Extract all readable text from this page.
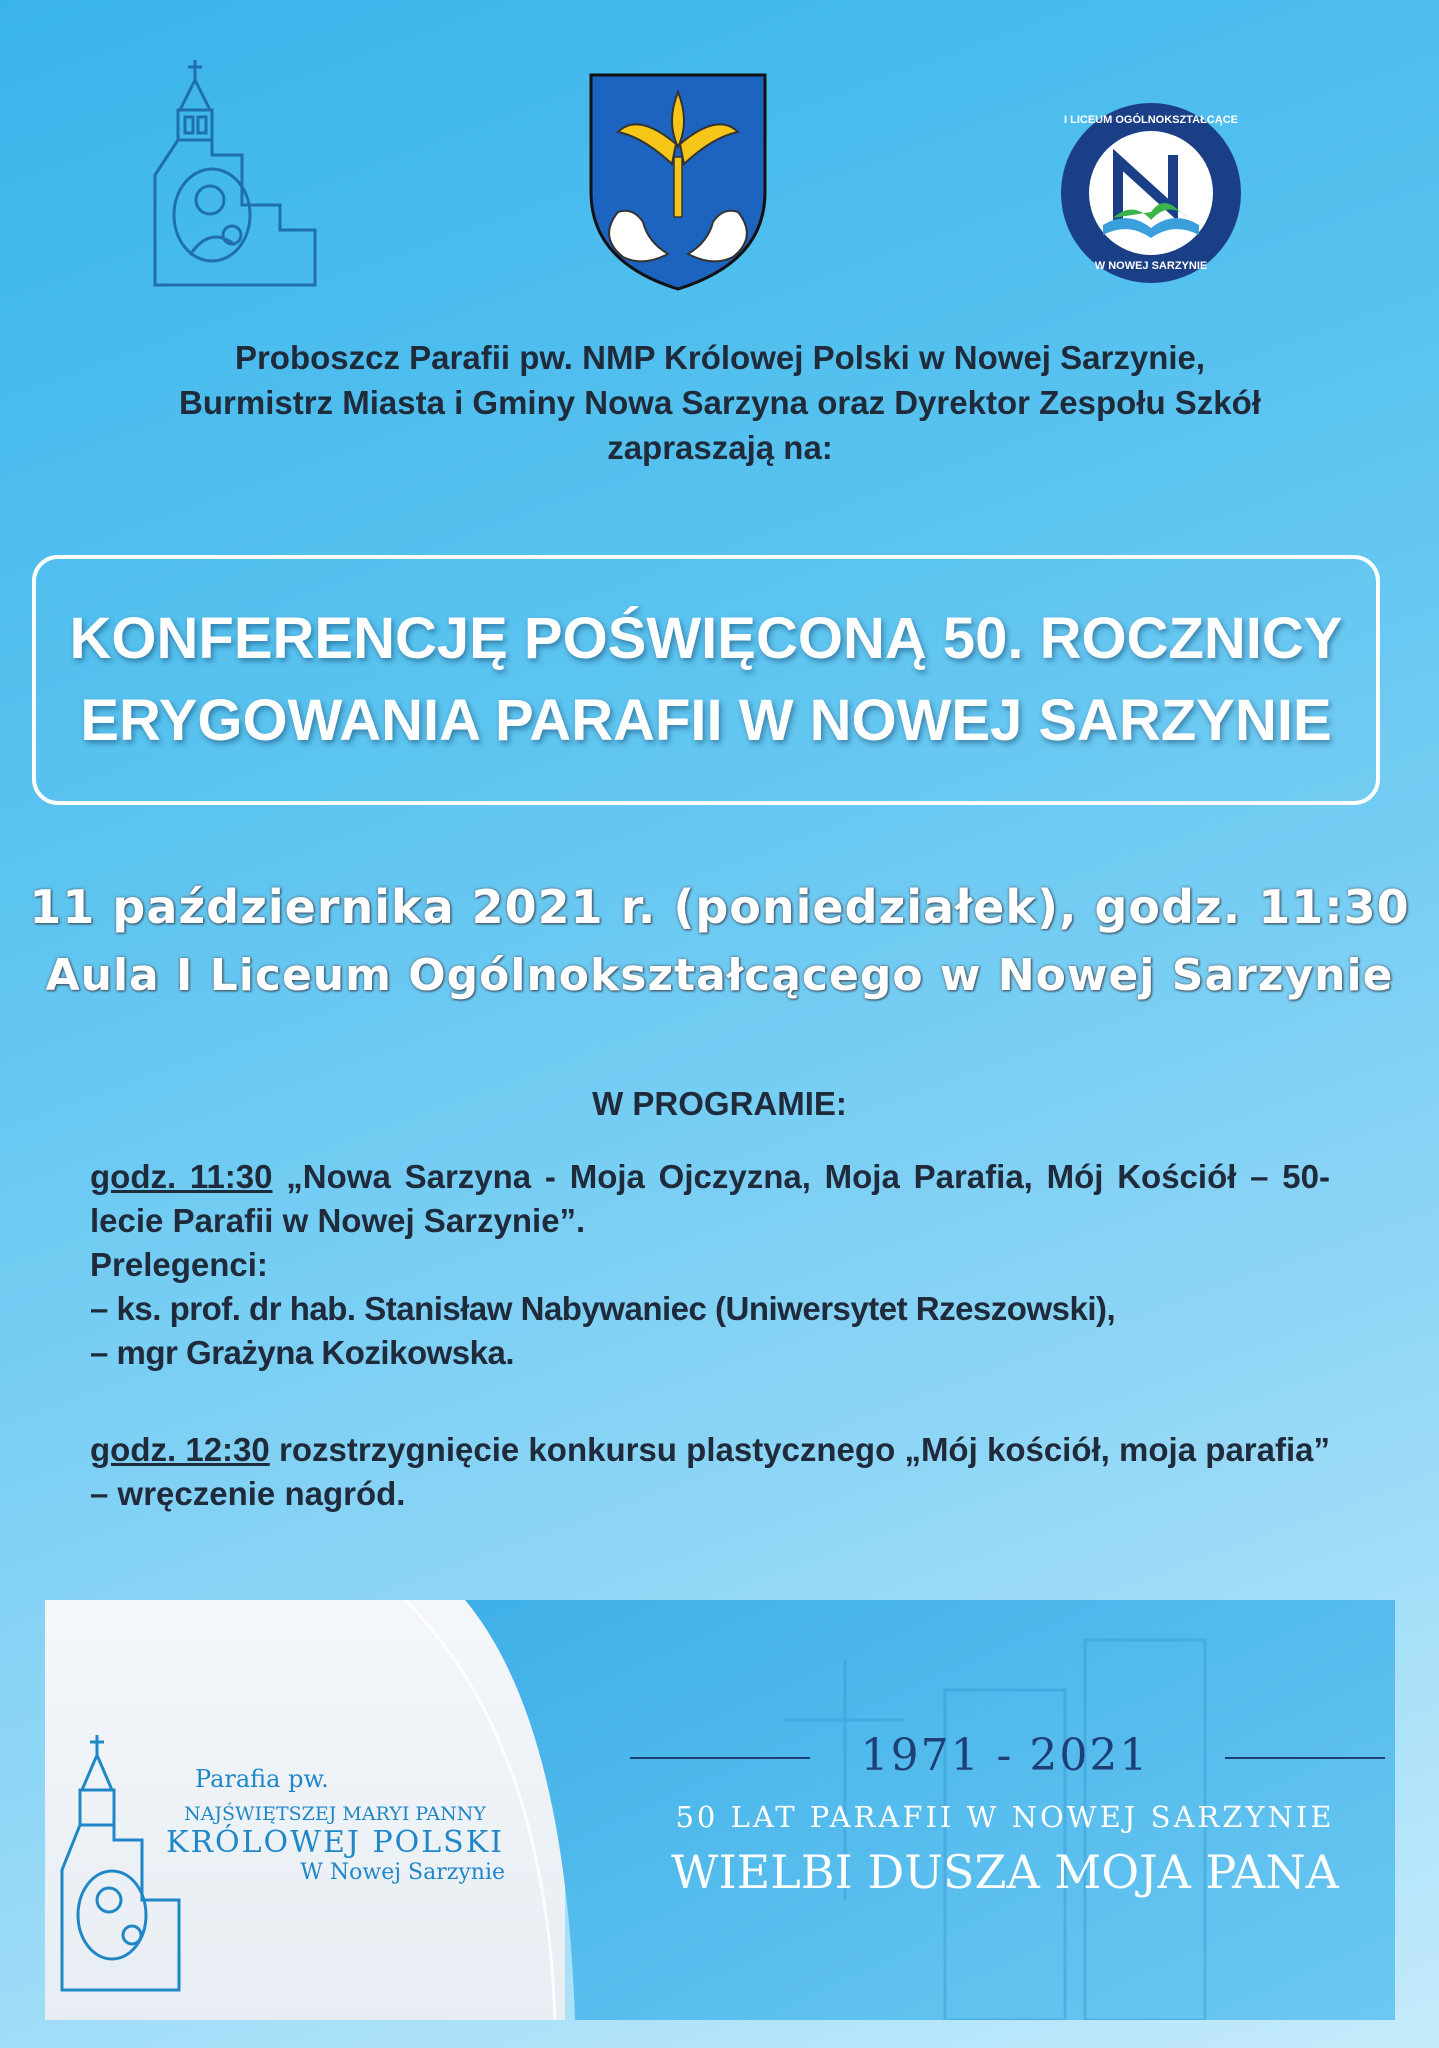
I LICEUM OGÓLNOKSZTAŁCĄCE
W NOWEJ SARZYNIE
Proboszcz Parafii pw. NMP Królowej Polski w Nowej Sarzynie,
Burmistrz Miasta i Gminy Nowa Sarzyna oraz Dyrektor Zespołu Szkół
zapraszają na:
KONFERENCJĘ POŚWIĘCONĄ 50. ROCZNICY
ERYGOWANIA PARAFII W NOWEJ SARZYNIE
11 października 2021 r. (poniedziałek), godz. 11:30
Aula I Liceum Ogólnokształcącego w Nowej Sarzynie
W PROGRAMIE:
godz. 11:30 „Nowa Sarzyna - Moja Ojczyzna, Moja Parafia, Mój Kościół – 50-lecie Parafii w Nowej Sarzynie”.
Prelegenci:
– ks. prof. dr hab. Stanisław Nabywaniec (Uniwersytet Rzeszowski),
– mgr Grażyna Kozikowska.
godz. 12:30 rozstrzygnięcie konkursu plastycznego „Mój kościół, moja parafia” – wręczenie nagród.
Parafia pw.
NAJŚWIĘTSZEJ MARYI PANNY
KRÓLOWEJ POLSKI
W Nowej Sarzynie
1971 - 2021
50 LAT PARAFII W NOWEJ SARZYNIE
WIELBI DUSZA MOJA PANA
